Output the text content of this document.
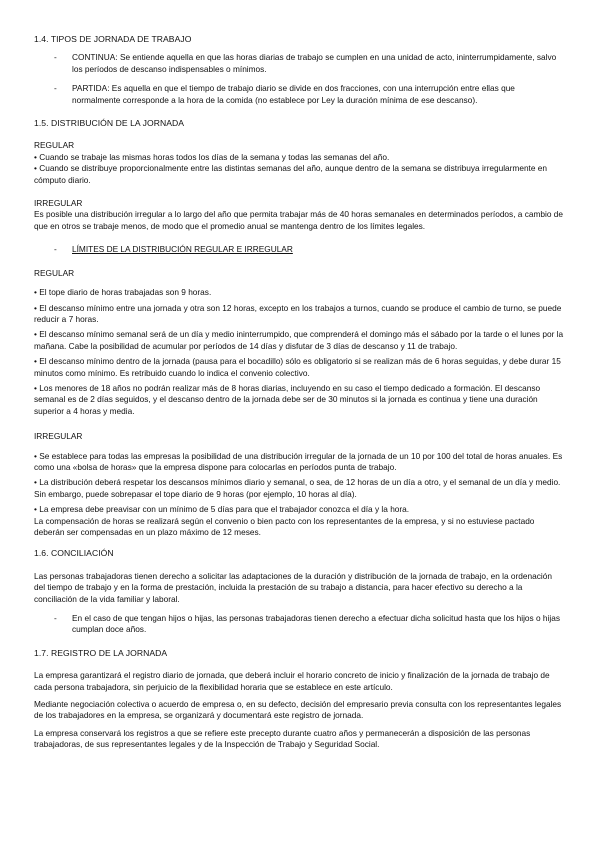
1.4. TIPOS DE JORNADA DE TRABAJO
-	CONTINUA: Se entiende aquella en que las horas diarias de trabajo se cumplen en una unidad de acto, ininterrumpidamente, salvo los períodos de descanso indispensables o mínimos.
-	PARTIDA: Es aquella en que el tiempo de trabajo diario se divide en dos fracciones, con una interrupción entre ellas que normalmente corresponde a la hora de la comida (no establece por Ley la duración mínima de ese descanso).
1.5. DISTRIBUCIÓN DE LA JORNADA
REGULAR
• Cuando se trabaje las mismas horas todos los días de la semana y todas las semanas del año.
• Cuando se distribuye proporcionalmente entre las distintas semanas del año, aunque dentro de la semana se distribuya irregularmente en cómputo diario.
IRREGULAR
Es posible una distribución irregular a lo largo del año que permita trabajar más de 40 horas semanales en determinados períodos, a cambio de que en otros se trabaje menos, de modo que el promedio anual se mantenga dentro de los límites legales.
-	LÍMITES DE LA DISTRIBUCIÓN REGULAR E IRREGULAR
REGULAR
• El tope diario de horas trabajadas son 9 horas.
• El descanso mínimo entre una jornada y otra son 12 horas, excepto en los trabajos a turnos, cuando se produce el cambio de turno, se puede reducir a 7 horas.
• El descanso mínimo semanal será de un día y medio ininterrumpido, que comprenderá el domingo más el sábado por la tarde o el lunes por la mañana. Cabe la posibilidad de acumular por períodos de 14 días y disfutar de 3 días de descanso y 11 de trabajo.
• El descanso mínimo dentro de la jornada (pausa para el bocadillo) sólo es obligatorio si se realizan más de 6 horas seguidas, y debe durar 15 minutos como mínimo. Es retribuido cuando lo indica el convenio colectivo.
• Los menores de 18 años no podrán realizar más de 8 horas diarias, incluyendo en su caso el tiempo dedicado a formación. El descanso semanal es de 2 días seguidos, y el descanso dentro de la jornada debe ser de 30 minutos si la jornada es continua y tiene una duración superior a 4 horas y media.
IRREGULAR
• Se establece para todas las empresas la posibilidad de una distribución irregular de la jornada de un 10 por 100 del total de horas anuales. Es como una «bolsa de horas» que la empresa dispone para colocarlas en períodos punta de trabajo.
• La distribución deberá respetar los descansos mínimos diario y semanal, o sea, de 12 horas de un día a otro, y el semanal de un día y medio. Sin embargo, puede sobrepasar el tope diario de 9 horas (por ejemplo, 10 horas al día).
• La empresa debe preavisar con un mínimo de 5 días para que el trabajador conozca el día y la hora.
La compensación de horas se realizará según el convenio o bien pacto con los representantes de la empresa, y si no estuviese pactado deberán ser compensadas en un plazo máximo de 12 meses.
1.6. CONCILIACIÓN
Las personas trabajadoras tienen derecho a solicitar las adaptaciones de la duración y distribución de la jornada de trabajo, en la ordenación del tiempo de trabajo y en la forma de prestación, incluida la prestación de su trabajo a distancia, para hacer efectivo su derecho a la conciliación de la vida familiar y laboral.
-	En el caso de que tengan hijos o hijas, las personas trabajadoras tienen derecho a efectuar dicha solicitud hasta que los hijos o hijas cumplan doce años.
1.7. REGISTRO DE LA JORNADA
La empresa garantizará el registro diario de jornada, que deberá incluir el horario concreto de inicio y finalización de la jornada de trabajo de cada persona trabajadora, sin perjuicio de la flexibilidad horaria que se establece en este artículo.
Mediante negociación colectiva o acuerdo de empresa o, en su defecto, decisión del empresario previa consulta con los representantes legales de los trabajadores en la empresa, se organizará y documentará este registro de jornada.
La empresa conservará los registros a que se refiere este precepto durante cuatro años y permanecerán a disposición de las personas trabajadoras, de sus representantes legales y de la Inspección de Trabajo y Seguridad Social.
